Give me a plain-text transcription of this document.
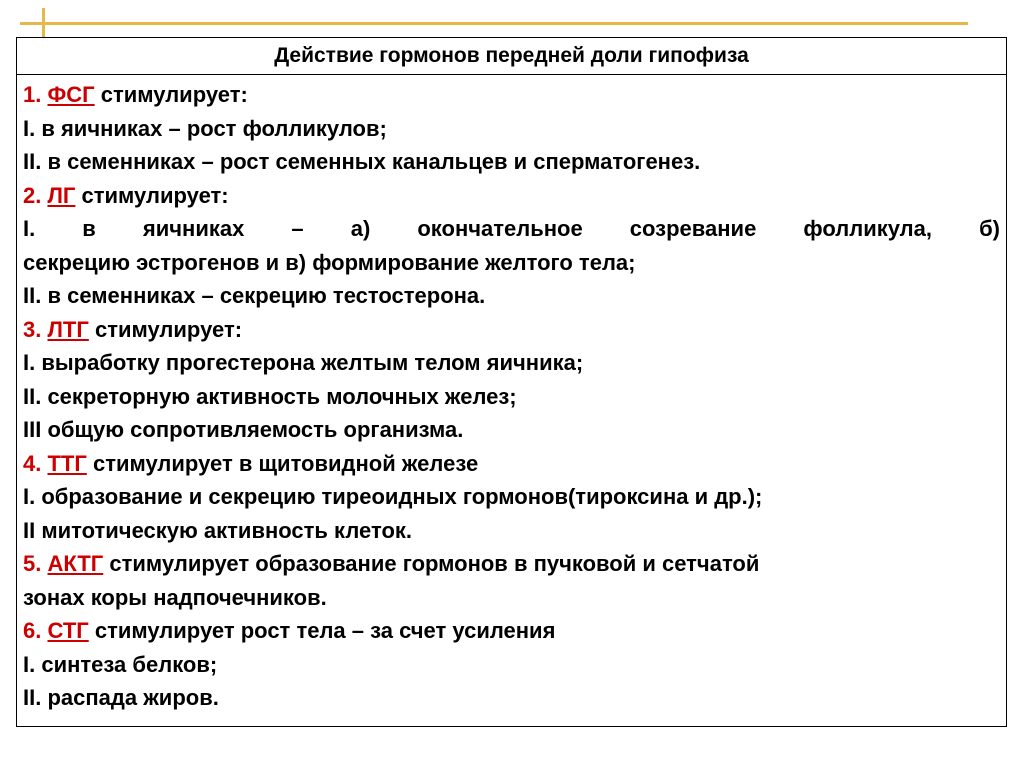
Действие гормонов передней доли гипофиза
1. ФСГ стимулирует:
I. в яичниках – рост фолликулов;
II. в семенниках – рост семенных канальцев и сперматогенез.
2. ЛГ стимулирует:
I. в яичниках – а) окончательное созревание фолликула, б)
секрецию эстрогенов и в) формирование желтого тела;
II. в семенниках – секрецию тестостерона.
3. ЛТГ стимулирует:
I. выработку прогестерона желтым телом яичника;
II. секреторную активность молочных желез;
III общую сопротивляемость организма.
4. ТТГ стимулирует в щитовидной железе
I. образование и секрецию тиреоидных гормонов(тироксина и др.);
II митотическую активность клеток.
5. АКТГ стимулирует образование гормонов в пучковой и сетчатой
зонах коры надпочечников.
6. СТГ стимулирует рост тела – за счет усиления
I. синтеза белков;
II. распада жиров.
